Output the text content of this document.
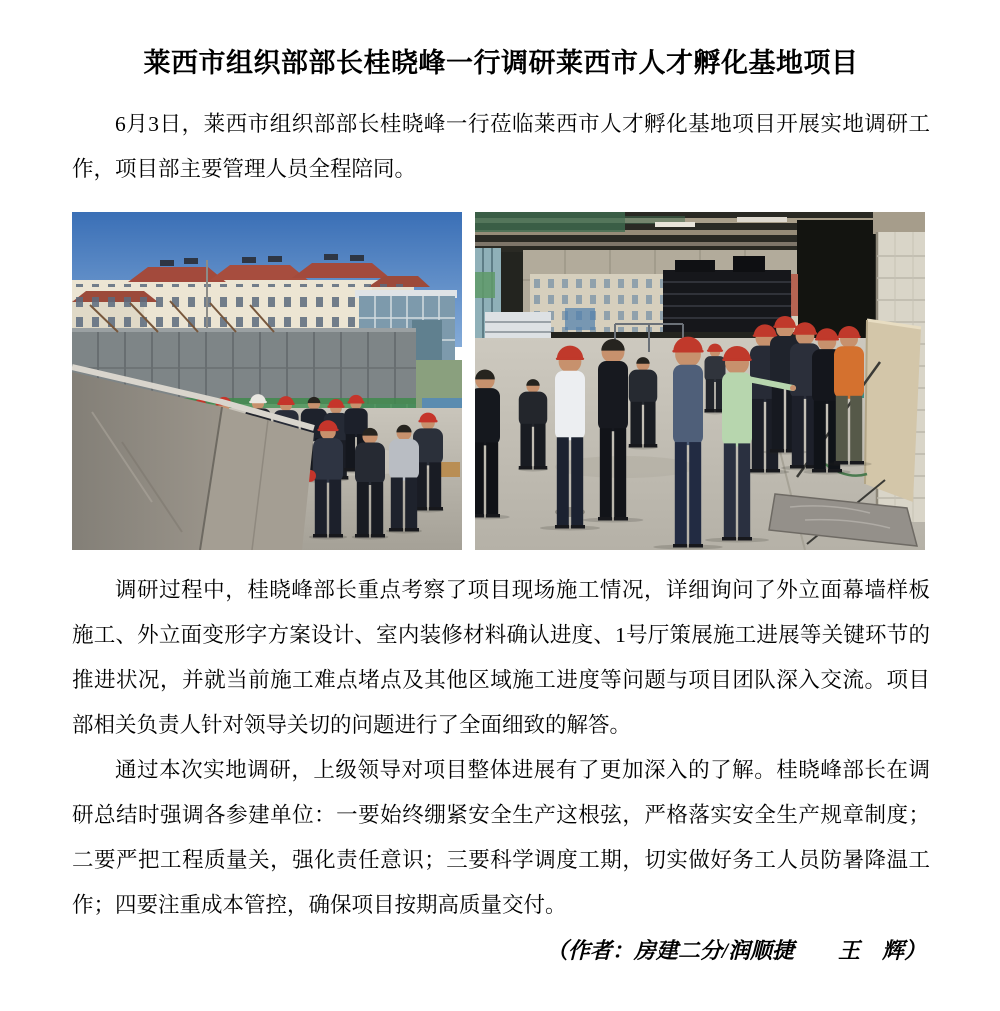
莱西市组织部部长桂晓峰一行调研莱西市人才孵化基地项目

6月3日，莱西市组织部部长桂晓峰一行莅临莱西市人才孵化基地项目开展实地调研工作，项目部主要管理人员全程陪同。

调研过程中，桂晓峰部长重点考察了项目现场施工情况，详细询问了外立面幕墙样板施工、外立面变形字方案设计、室内装修材料确认进度、1号厅策展施工进展等关键环节的推进状况，并就当前施工难点堵点及其他区域施工进度等问题与项目团队深入交流。项目部相关负责人针对领导关切的问题进行了全面细致的解答。

通过本次实地调研，上级领导对项目整体进展有了更加深入的了解。桂晓峰部长在调研总结时强调各参建单位：一要始终绷紧安全生产这根弦，严格落实安全生产规章制度；二要严把工程质量关，强化责任意识；三要科学调度工期，切实做好务工人员防暑降温工作；四要注重成本管控，确保项目按期高质量交付。

（作者：房建二分/润顺捷　　王　辉）
